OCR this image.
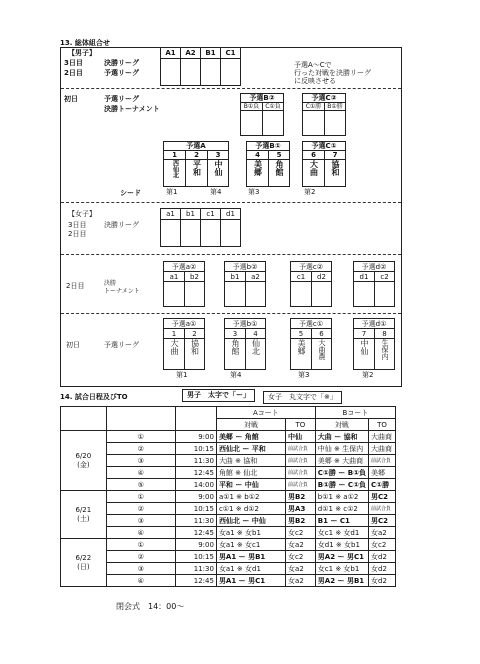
13. 総体組合せ
【男子】
3日目	決勝リーグ
2日目	予選リーグ
A1	A2	B1	C1
予選A～Cで
行った対戦を決勝リーグ
に反映させる
初日	予選リーグ
決勝トーナメント
予選B②
B①負 C①負
予選C②
C①勝 B①勝
予選A
1	2	3
西仙北	平和	中仙
予選B①
4	5
美郷	角館
予選C①
6	7
大曲	協和
シード	第1	第4	第3	第2
【女子】
3日目	決勝リーグ
2日目
a1	b1	c1	d1
2日目	決勝
トーナメント
予選a②
a1	b2
予選b②
b1	a2
予選c②
c1	d2
予選d②
d1	c2
初日	予選リーグ
予選a①
1	2
大曲	協和
第1
予選b①
3	4
角館	仙北
第4
予選c①
5	6
美郷	大曲農
第3
予選d①
7	8
中仙	生保内
第2
14. 試合日程及びTO	男子　太字で「ー」	女子　丸文字で「※」
			Aコート		Bコート	
			対戦	TO	対戦	TO
6/20
(金)	①	9:00	美郷 ー 角館	中仙	大曲 ー 協和	大曲商
	②	10:15	西仙北 ー 平和	前試合負	中仙 ※ 生保内	大曲商
	③	11:30	大曲 ※ 協和	前試合負	美郷 ※ 大曲商	前試合負
	④	12:45	角館 ※ 仙北	前試合負	C①勝 ー B①負	美郷
	⑤	14:00	平和 ー 中仙	前試合負	B①勝 ー C①負	C①勝
6/21
(土)	①	9:00	a①1 ※ b①2	男B2	b①1 ※ a①2	男C2
	②	10:15	c①1 ※ d①2	男A3	d①1 ※ c①2	前試合負
	③	11:30	西仙北 ー 中仙	男B2	B1 ー C1	男C2
	④	12:45	女a1 ※ 女b1	女c2	女c1 ※ 女d1	女a2
6/22
(日)	①	9:00	女a1 ※ 女c1	女a2	女d1 ※ 女b1	女c2
	②	10:15	男A1 ー 男B1	女c2	男A2 ー 男C1	女d2
	③	11:30	女a1 ※ 女d1	女a2	女c1 ※ 女b1	女d2
	④	12:45	男A1 ー 男C1	女a2	男A2 ー 男B1	女d2
閉会式　14：00～
